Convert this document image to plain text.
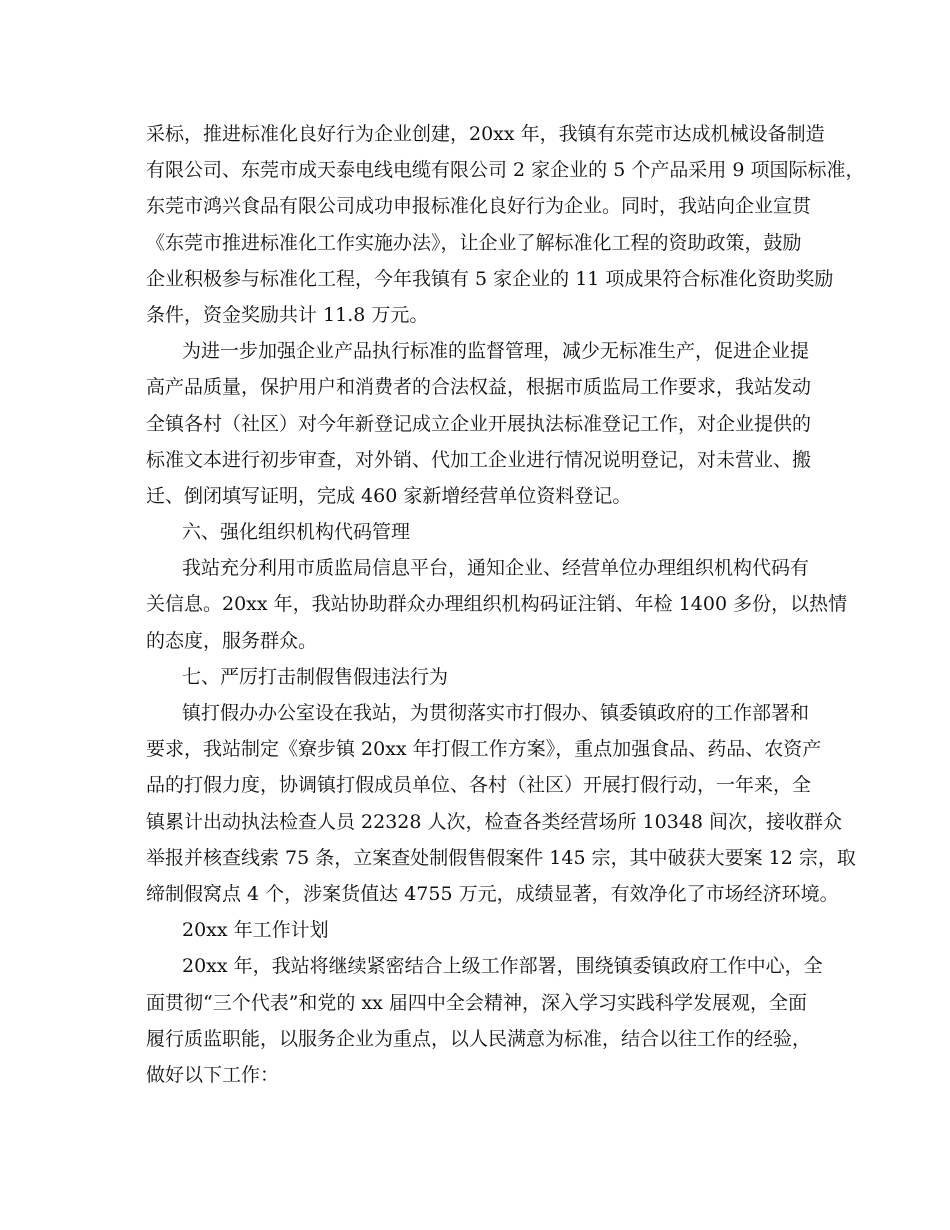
采标，推进标准化良好行为企业创建，20xx 年，我镇有东莞市达成机械设备制造
有限公司、东莞市成天泰电线电缆有限公司 2 家企业的 5 个产品采用 9 项国际标准，
东莞市鸿兴食品有限公司成功申报标准化良好行为企业。同时，我站向企业宣贯
《东莞市推进标准化工作实施办法》，让企业了解标准化工程的资助政策，鼓励
企业积极参与标准化工程，今年我镇有 5 家企业的 11 项成果符合标准化资助奖励
条件，资金奖励共计 11.8 万元。
为进一步加强企业产品执行标准的监督管理，减少无标准生产，促进企业提
高产品质量，保护用户和消费者的合法权益，根据市质监局工作要求，我站发动
全镇各村（社区）对今年新登记成立企业开展执法标准登记工作，对企业提供的
标准文本进行初步审查，对外销、代加工企业进行情况说明登记，对未营业、搬
迁、倒闭填写证明，完成 460 家新增经营单位资料登记。
六、强化组织机构代码管理
我站充分利用市质监局信息平台，通知企业、经营单位办理组织机构代码有
关信息。20xx 年，我站协助群众办理组织机构码证注销、年检 1400 多份，以热情
的态度，服务群众。
七、严厉打击制假售假违法行为
镇打假办办公室设在我站，为贯彻落实市打假办、镇委镇政府的工作部署和
要求，我站制定《寮步镇 20xx 年打假工作方案》，重点加强食品、药品、农资产
品的打假力度，协调镇打假成员单位、各村（社区）开展打假行动，一年来，全
镇累计出动执法检查人员 22328 人次，检查各类经营场所 10348 间次，接收群众
举报并核查线索 75 条，立案查处制假售假案件 145 宗，其中破获大要案 12 宗，取
缔制假窝点 4 个，涉案货值达 4755 万元，成绩显著，有效净化了市场经济环境。
20xx 年工作计划
20xx 年，我站将继续紧密结合上级工作部署，围绕镇委镇政府工作中心，全
面贯彻“三个代表”和党的 xx 届四中全会精神，深入学习实践科学发展观，全面
履行质监职能，以服务企业为重点，以人民满意为标准，结合以往工作的经验，
做好以下工作：
